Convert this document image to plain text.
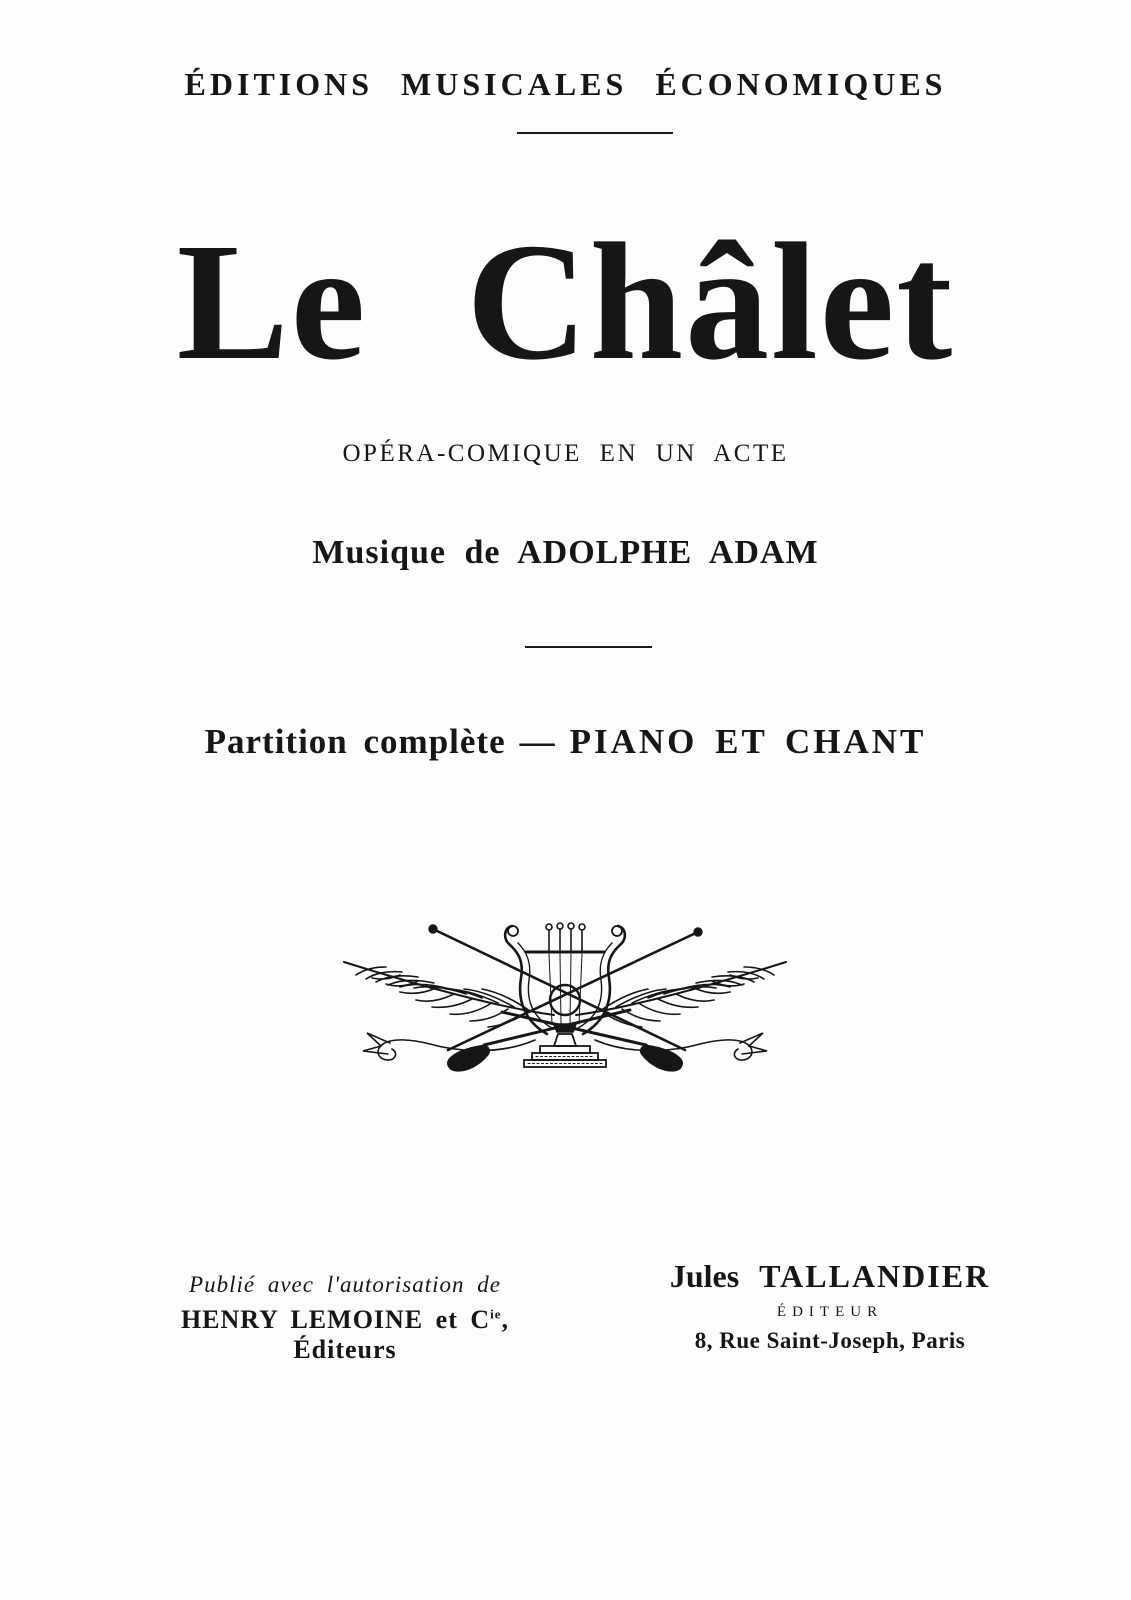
ÉDITIONS MUSICALES ÉCONOMIQUES
Le Châlet
OPÉRA-COMIQUE EN UN ACTE
Musique de ADOLPHE ADAM
Partition complète — PIANO ET CHANT
Publié avec l'autorisation de
HENRY LEMOINE et $C^{ie}$, Éditeurs
Jules TALLANDIER
ÉDITEUR
8, Rue Saint-Joseph, Paris
